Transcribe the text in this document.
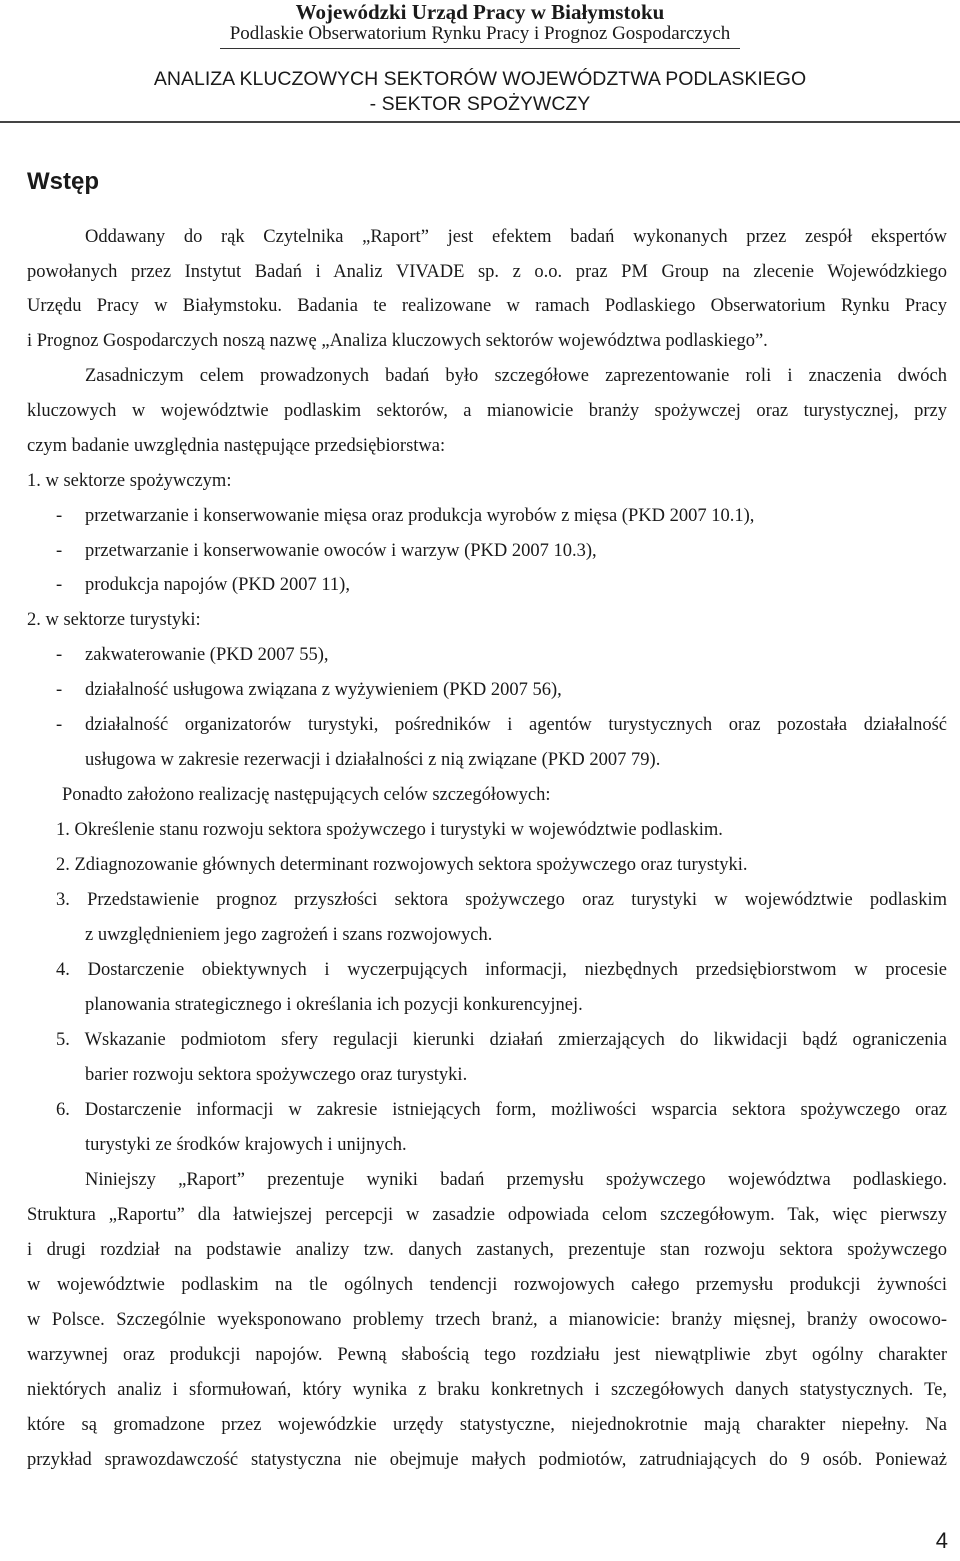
Wojewódzki Urząd Pracy w Białymstoku
Podlaskie Obserwatorium Rynku Pracy i Prognoz Gospodarczych
ANALIZA KLUCZOWYCH SEKTORÓW WOJEWÓDZTWA PODLASKIEGO
- SEKTOR SPOŻYWCZY
Wstęp
Oddawany do rąk Czytelnika „Raport” jest efektem badań wykonanych przez zespół ekspertów
powołanych przez Instytut Badań i Analiz VIVADE sp. z o.o. praz PM Group na zlecenie Wojewódzkiego
Urzędu Pracy w Białymstoku. Badania te realizowane w ramach Podlaskiego Obserwatorium Rynku Pracy
i Prognoz Gospodarczych noszą nazwę „Analiza kluczowych sektorów województwa podlaskiego”.
Zasadniczym celem prowadzonych badań było szczegółowe zaprezentowanie roli i znaczenia dwóch
kluczowych w województwie podlaskim sektorów, a mianowicie branży spożywczej oraz turystycznej, przy
czym badanie uwzględnia następujące przedsiębiorstwa:
1. w sektorze spożywczym:
- przetwarzanie i konserwowanie mięsa oraz produkcja wyrobów z mięsa (PKD 2007 10.1),
- przetwarzanie i konserwowanie owoców i warzyw (PKD 2007 10.3),
- produkcja napojów (PKD 2007 11),
2. w sektorze turystyki:
- zakwaterowanie (PKD 2007 55),
- działalność usługowa związana z wyżywieniem (PKD 2007 56),
- działalność organizatorów turystyki, pośredników i agentów turystycznych oraz pozostała działalność
usługowa w zakresie rezerwacji i działalności z nią związane (PKD 2007 79).
Ponadto założono realizację następujących celów szczegółowych:
1. Określenie stanu rozwoju sektora spożywczego i turystyki w województwie podlaskim.
2. Zdiagnozowanie głównych determinant rozwojowych sektora spożywczego oraz turystyki.
3. Przedstawienie prognoz przyszłości sektora spożywczego oraz turystyki w województwie podlaskim
z uwzględnieniem jego zagrożeń i szans rozwojowych.
4. Dostarczenie obiektywnych i wyczerpujących informacji, niezbędnych przedsiębiorstwom w procesie
planowania strategicznego i określania ich pozycji konkurencyjnej.
5. Wskazanie podmiotom sfery regulacji kierunki działań zmierzających do likwidacji bądź ograniczenia
barier rozwoju sektora spożywczego oraz turystyki.
6. Dostarczenie informacji w zakresie istniejących form, możliwości wsparcia sektora spożywczego oraz
turystyki ze środków krajowych i unijnych.
Niniejszy „Raport” prezentuje wyniki badań przemysłu spożywczego województwa podlaskiego.
Struktura „Raportu” dla łatwiejszej percepcji w zasadzie odpowiada celom szczegółowym. Tak, więc pierwszy
i drugi rozdział na podstawie analizy tzw. danych zastanych, prezentuje stan rozwoju sektora spożywczego
w województwie podlaskim na tle ogólnych tendencji rozwojowych całego przemysłu produkcji żywności
w Polsce. Szczególnie wyeksponowano problemy trzech branż, a mianowicie: branży mięsnej, branży owocowo-
warzywnej oraz produkcji napojów. Pewną słabością tego rozdziału jest niewątpliwie zbyt ogólny charakter
niektórych analiz i sformułowań, który wynika z braku konkretnych i szczegółowych danych statystycznych. Te,
które są gromadzone przez wojewódzkie urzędy statystyczne, niejednokrotnie mają charakter niepełny. Na
przykład sprawozdawczość statystyczna nie obejmuje małych podmiotów, zatrudniających do 9 osób. Ponieważ
4
